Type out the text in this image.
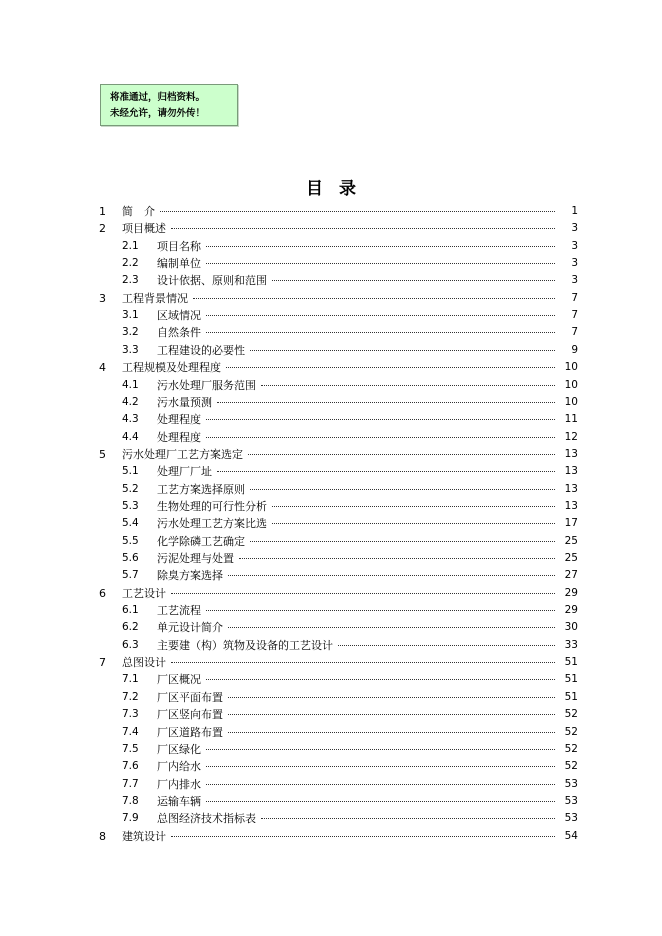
将准通过，归档资料。
未经允许，请勿外传！
目录
1 简　介	1
2 项目概述	3
2.1 项目名称	3
2.2 编制单位	3
2.3 设计依据、原则和范围	3
3 工程背景情况	7
3.1 区域情况	7
3.2 自然条件	7
3.3 工程建设的必要性	9
4 工程规模及处理程度	10
4.1 污水处理厂服务范围	10
4.2 污水量预测	10
4.3 处理程度	11
4.4 处理程度	12
5 污水处理厂工艺方案选定	13
5.1 处理厂厂址	13
5.2 工艺方案选择原则	13
5.3 生物处理的可行性分析	13
5.4 污水处理工艺方案比选	17
5.5 化学除磷工艺确定	25
5.6 污泥处理与处置	25
5.7 除臭方案选择	27
6 工艺设计	29
6.1 工艺流程	29
6.2 单元设计简介	30
6.3 主要建（构）筑物及设备的工艺设计	33
7 总图设计	51
7.1 厂区概况	51
7.2 厂区平面布置	51
7.3 厂区竖向布置	52
7.4 厂区道路布置	52
7.5 厂区绿化	52
7.6 厂内给水	52
7.7 厂内排水	53
7.8 运输车辆	53
7.9 总图经济技术指标表	53
8 建筑设计	54
